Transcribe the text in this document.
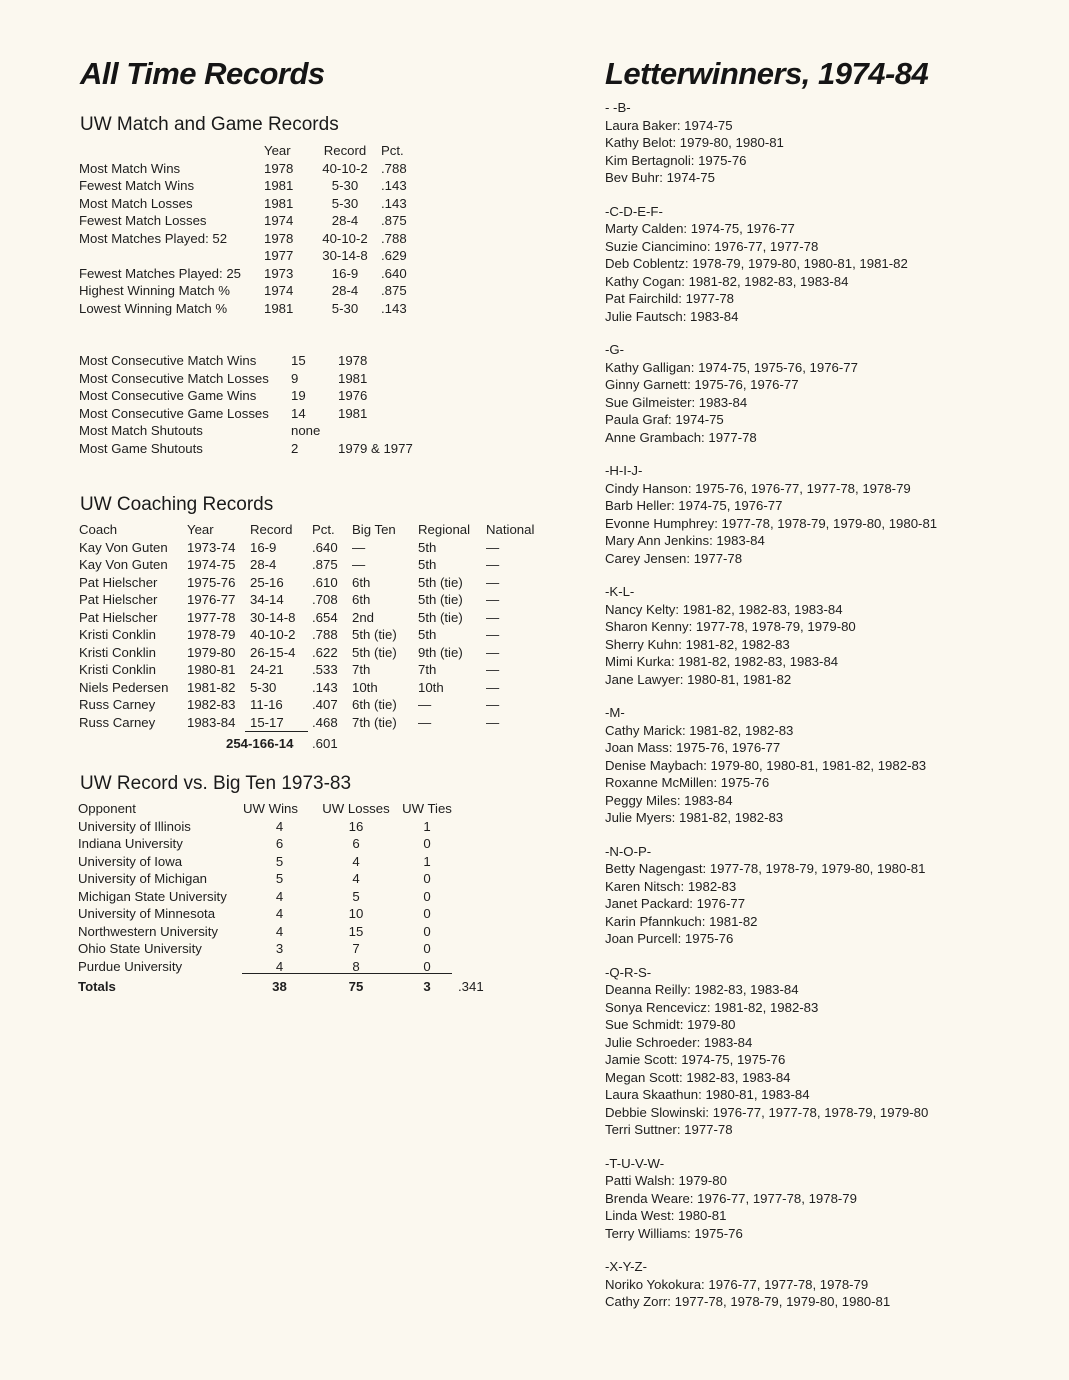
All Time Records
UW Match and Game Records
Year	Record	Pct.
Most Match Wins	1978	40-10-2	.788
Fewest Match Wins	1981	5-30	.143
Most Match Losses	1981	5-30	.143
Fewest Match Losses	1974	28-4	.875
Most Matches Played: 52	1978	40-10-2	.788
1977	30-14-8	.629
Fewest Matches Played: 25	1973	16-9	.640
Highest Winning Match %	1974	28-4	.875
Lowest Winning Match %	1981	5-30	.143
Most Consecutive Match Wins	15	1978
Most Consecutive Match Losses	9	1981
Most Consecutive Game Wins	19	1976
Most Consecutive Game Losses	14	1981
Most Match Shutouts	none
Most Game Shutouts	2	1979 & 1977
UW Coaching Records
Coach	Year	Record	Pct.	Big Ten	Regional	National
Kay Von Guten	1973-74	16-9	.640	—	5th	—
Kay Von Guten	1974-75	28-4	.875	—	5th	—
Pat Hielscher	1975-76	25-16	.610	6th	5th (tie)	—
Pat Hielscher	1976-77	34-14	.708	6th	5th (tie)	—
Pat Hielscher	1977-78	30-14-8	.654	2nd	5th (tie)	—
Kristi Conklin	1978-79	40-10-2	.788	5th (tie)	5th	—
Kristi Conklin	1979-80	26-15-4	.622	5th (tie)	9th (tie)	—
Kristi Conklin	1980-81	24-21	.533	7th	7th	—
Niels Pedersen	1981-82	5-30	.143	10th	10th	—
Russ Carney	1982-83	11-16	.407	6th (tie)	—	—
Russ Carney	1983-84	15-17	.468	7th (tie)	—	—
254-166-14 .601
UW Record vs. Big Ten 1973-83
Opponent	UW Wins	UW Losses UW Ties
University of Illinois	4	16	1
Indiana University	6	6	0
University of Iowa	5	4	1
University of Michigan	5	4	0
Michigan State University	4	5	0
University of Minnesota	4	10	0
Northwestern University	4	15	0
Ohio State University	3	7	0
Purdue University	4	8	0
Totals	38	75	3	.341
Letterwinners, 1974-84
- -B-
Laura Baker: 1974-75
Kathy Belot: 1979-80, 1980-81
Kim Bertagnoli: 1975-76
Bev Buhr: 1974-75
-C-D-E-F-
Marty Calden: 1974-75, 1976-77
Suzie Ciancimino: 1976-77, 1977-78
Deb Coblentz: 1978-79, 1979-80, 1980-81, 1981-82
Kathy Cogan: 1981-82, 1982-83, 1983-84
Pat Fairchild: 1977-78
Julie Fautsch: 1983-84
-G-
Kathy Galligan: 1974-75, 1975-76, 1976-77
Ginny Garnett: 1975-76, 1976-77
Sue Gilmeister: 1983-84
Paula Graf: 1974-75
Anne Grambach: 1977-78
-H-I-J-
Cindy Hanson: 1975-76, 1976-77, 1977-78, 1978-79
Barb Heller: 1974-75, 1976-77
Evonne Humphrey: 1977-78, 1978-79, 1979-80, 1980-81
Mary Ann Jenkins: 1983-84
Carey Jensen: 1977-78
-K-L-
Nancy Kelty: 1981-82, 1982-83, 1983-84
Sharon Kenny: 1977-78, 1978-79, 1979-80
Sherry Kuhn: 1981-82, 1982-83
Mimi Kurka: 1981-82, 1982-83, 1983-84
Jane Lawyer: 1980-81, 1981-82
-M-
Cathy Marick: 1981-82, 1982-83
Joan Mass: 1975-76, 1976-77
Denise Maybach: 1979-80, 1980-81, 1981-82, 1982-83
Roxanne McMillen: 1975-76
Peggy Miles: 1983-84
Julie Myers: 1981-82, 1982-83
-N-O-P-
Betty Nagengast: 1977-78, 1978-79, 1979-80, 1980-81
Karen Nitsch: 1982-83
Janet Packard: 1976-77
Karin Pfannkuch: 1981-82
Joan Purcell: 1975-76
-Q-R-S-
Deanna Reilly: 1982-83, 1983-84
Sonya Rencevicz: 1981-82, 1982-83
Sue Schmidt: 1979-80
Julie Schroeder: 1983-84
Jamie Scott: 1974-75, 1975-76
Megan Scott: 1982-83, 1983-84
Laura Skaathun: 1980-81, 1983-84
Debbie Slowinski: 1976-77, 1977-78, 1978-79, 1979-80
Terri Suttner: 1977-78
-T-U-V-W-
Patti Walsh: 1979-80
Brenda Weare: 1976-77, 1977-78, 1978-79
Linda West: 1980-81
Terry Williams: 1975-76
-X-Y-Z-
Noriko Yokokura: 1976-77, 1977-78, 1978-79
Cathy Zorr: 1977-78, 1978-79, 1979-80, 1980-81
